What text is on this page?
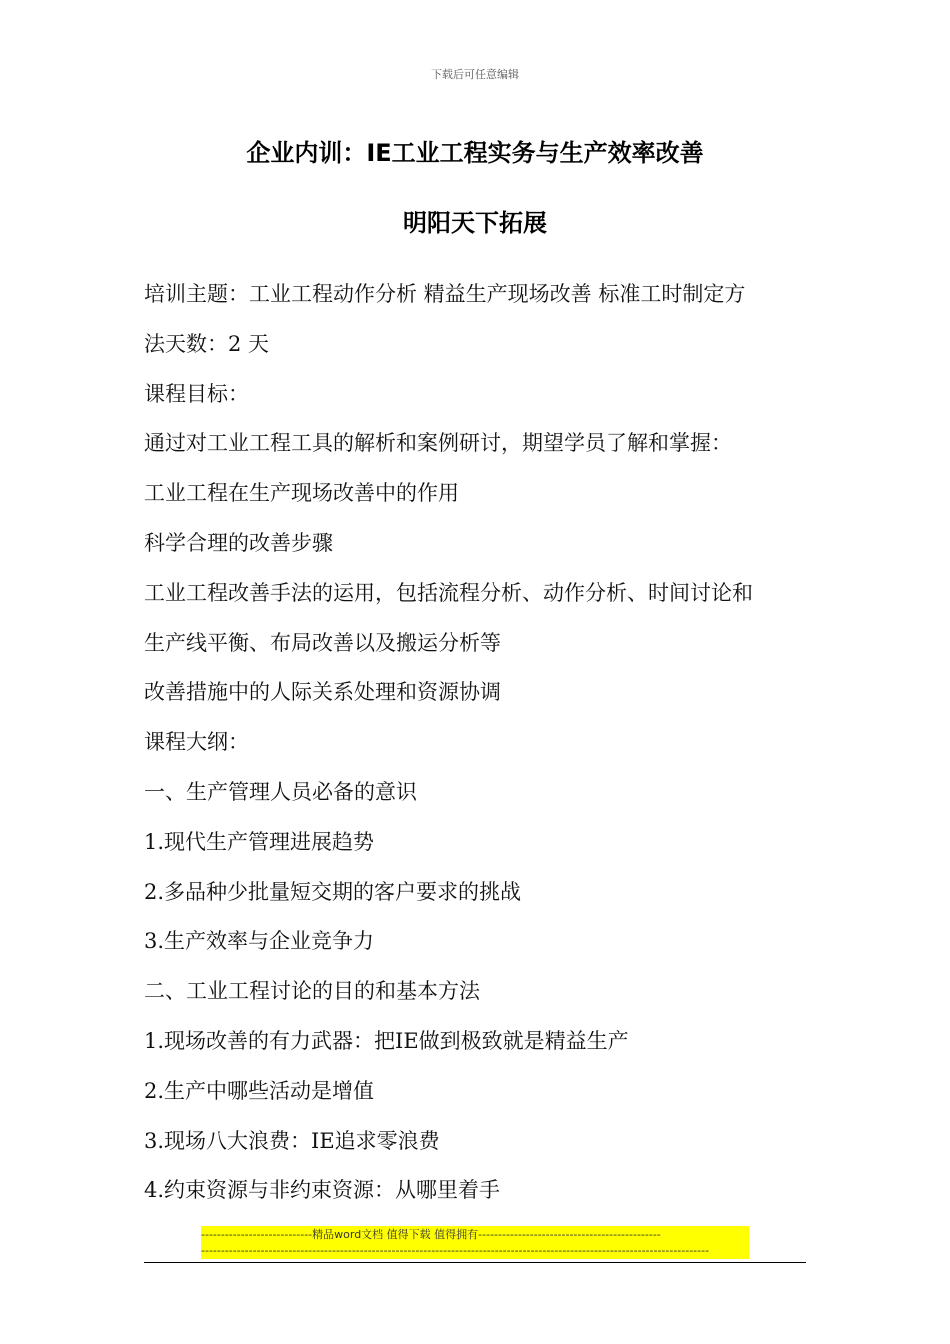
下载后可任意编辑
企业内训：IE工业工程实务与生产效率改善
明阳天下拓展
培训主题：工业工程动作分析 精益生产现场改善 标准工时制定方
法天数：2 天
课程目标：
通过对工业工程工具的解析和案例研讨，期望学员了解和掌握：
工业工程在生产现场改善中的作用
科学合理的改善步骤
工业工程改善手法的运用，包括流程分析、动作分析、时间讨论和
生产线平衡、布局改善以及搬运分析等
改善措施中的人际关系处理和资源协调
课程大纲：
一、生产管理人员必备的意识
1.现代生产管理进展趋势
2.多品种少批量短交期的客户要求的挑战
3.生产效率与企业竞争力
二、工业工程讨论的目的和基本方法
1.现场改善的有力武器：把IE做到极致就是精益生产
2.生产中哪些活动是增值
3.现场八大浪费：IE追求零浪费
4.约束资源与非约束资源：从哪里着手
----------------------------精品word文档 值得下载 值得拥有----------------------------------------------
--------------------------------------------------------------------------------------------------------------------------------
